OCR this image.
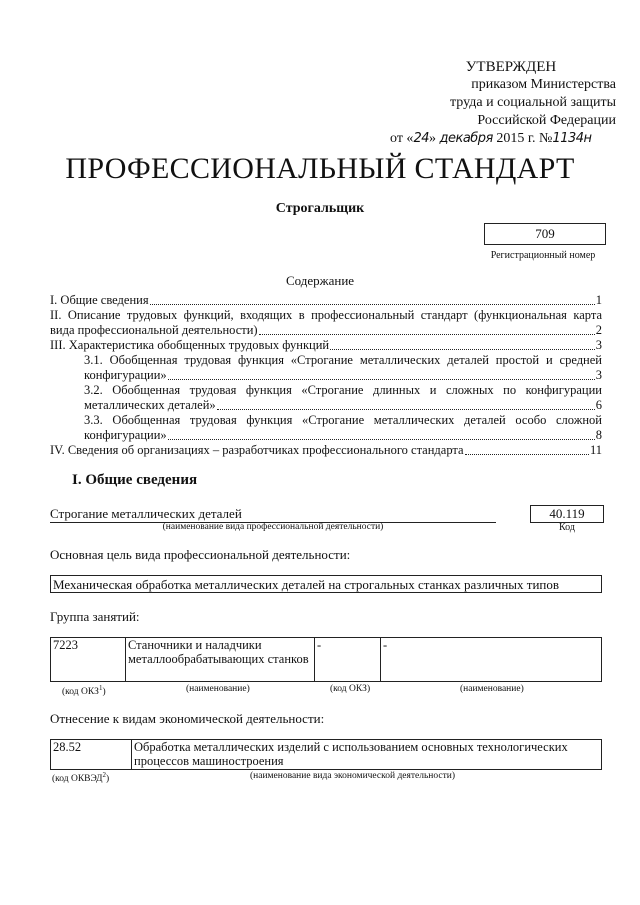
УТВЕРЖДЕН
приказом Министерства
труда и социальной защиты
Российской Федерации
от «24» декабря 2015 г. №1134н
ПРОФЕССИОНАЛЬНЫЙ СТАНДАРТ
Строгальщик
709
Регистрационный номер
Содержание
I. Общие сведения	1
II. Описание трудовых функций, входящих в профессиональный стандарт (функциональная карта
вида профессиональной деятельности)	2
III. Характеристика обобщенных трудовых функций	3
3.1. Обобщенная трудовая функция «Строгание металлических деталей простой и средней
конфигурации»	3
3.2. Обобщенная трудовая функция «Строгание длинных и сложных по конфигурации
металлических деталей»	6
3.3. Обобщенная трудовая функция «Строгание металлических деталей особо сложной
конфигурации»	8
IV. Сведения об организациях – разработчиках профессионального стандарта	11
I. Общие сведения
Строгание металлических деталей
(наименование вида профессиональной деятельности)
40.119
Код
Основная цель вида профессиональной деятельности:
Механическая обработка металлических деталей на строгальных станках различных типов
Группа занятий:
7223	Станочники и наладчики металлообрабатывающих станков	-	-
(код ОКЗ$^1$)	(наименование)	(код ОКЗ)	(наименование)
Отнесение к видам экономической деятельности:
28.52	Обработка металлических изделий с использованием основных технологических процессов машиностроения
(код ОКВЭД$^2$)	(наименование вида экономической деятельности)
